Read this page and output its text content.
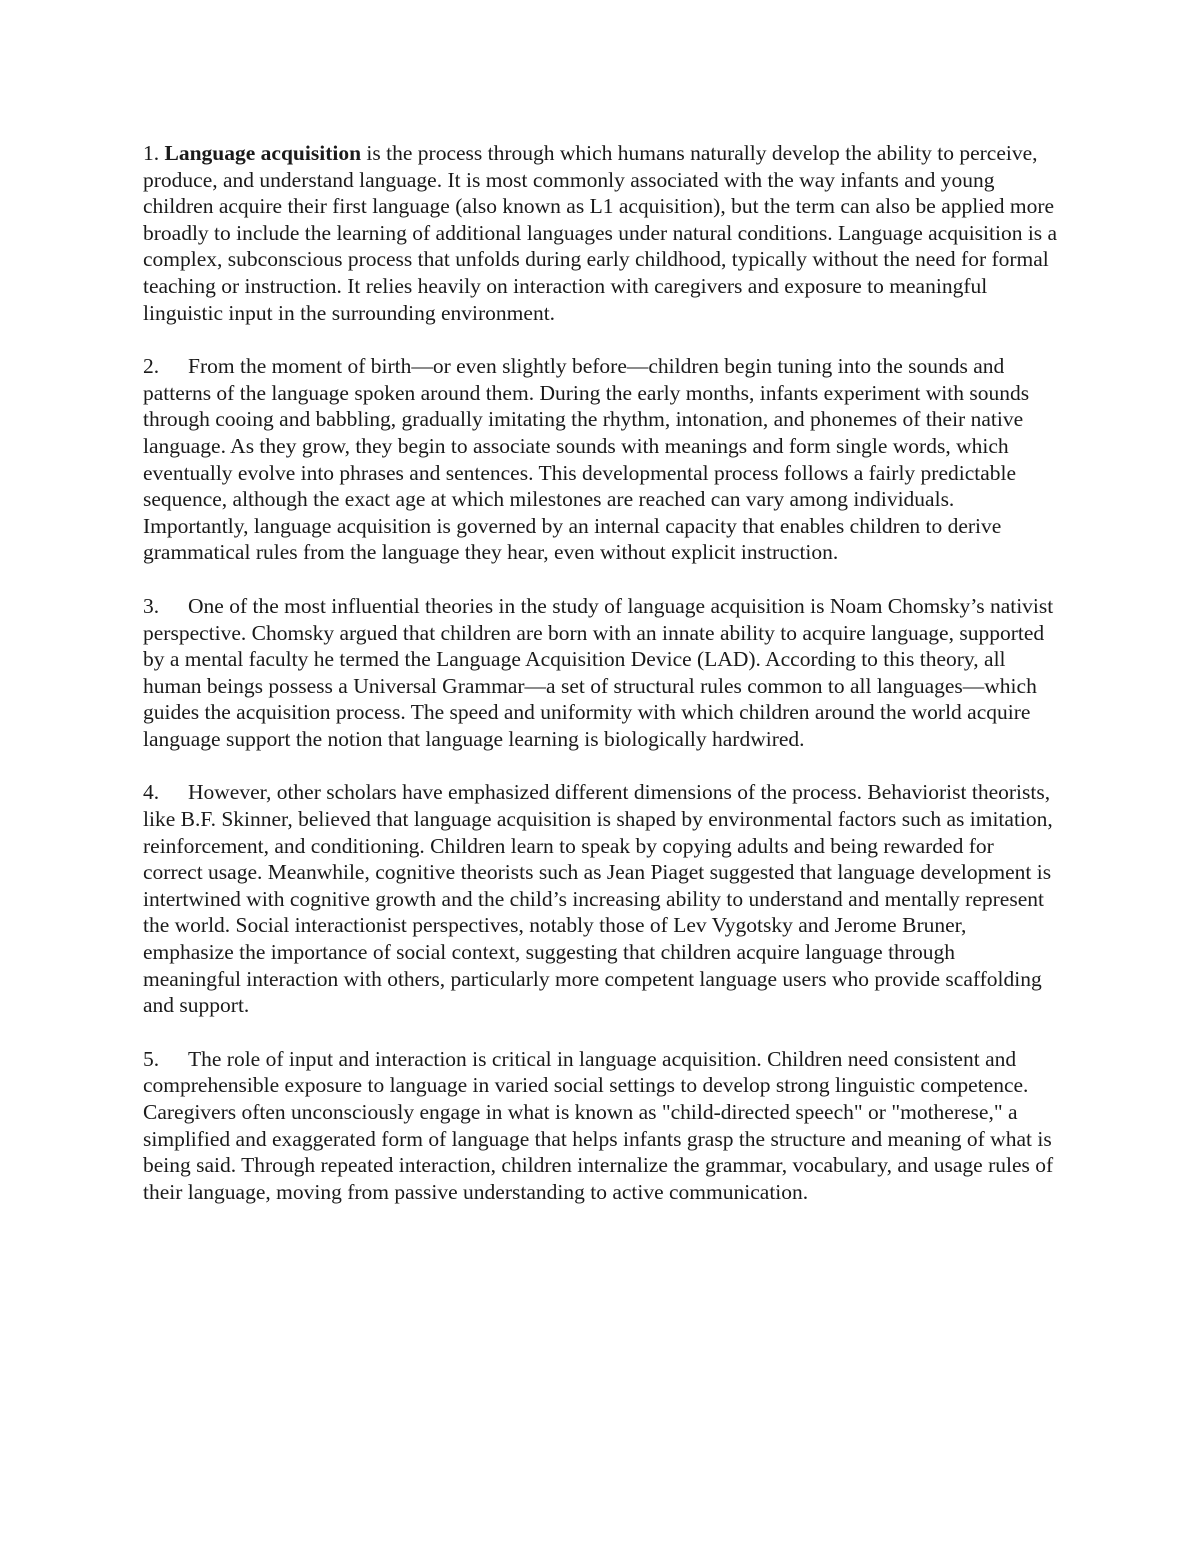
1. Language acquisition is the process through which humans naturally develop the ability to perceive, produce, and understand language. It is most commonly associated with the way infants and young children acquire their first language (also known as L1 acquisition), but the term can also be applied more broadly to include the learning of additional languages under natural conditions. Language acquisition is a complex, subconscious process that unfolds during early childhood, typically without the need for formal teaching or instruction. It relies heavily on interaction with caregivers and exposure to meaningful linguistic input in the surrounding environment.

2. From the moment of birth—or even slightly before—children begin tuning into the sounds and patterns of the language spoken around them. During the early months, infants experiment with sounds through cooing and babbling, gradually imitating the rhythm, intonation, and phonemes of their native language. As they grow, they begin to associate sounds with meanings and form single words, which eventually evolve into phrases and sentences. This developmental process follows a fairly predictable sequence, although the exact age at which milestones are reached can vary among individuals. Importantly, language acquisition is governed by an internal capacity that enables children to derive grammatical rules from the language they hear, even without explicit instruction.

3. One of the most influential theories in the study of language acquisition is Noam Chomsky’s nativist perspective. Chomsky argued that children are born with an innate ability to acquire language, supported by a mental faculty he termed the Language Acquisition Device (LAD). According to this theory, all human beings possess a Universal Grammar—a set of structural rules common to all languages—which guides the acquisition process. The speed and uniformity with which children around the world acquire language support the notion that language learning is biologically hardwired.

4. However, other scholars have emphasized different dimensions of the process. Behaviorist theorists, like B.F. Skinner, believed that language acquisition is shaped by environmental factors such as imitation, reinforcement, and conditioning. Children learn to speak by copying adults and being rewarded for correct usage. Meanwhile, cognitive theorists such as Jean Piaget suggested that language development is intertwined with cognitive growth and the child’s increasing ability to understand and mentally represent the world. Social interactionist perspectives, notably those of Lev Vygotsky and Jerome Bruner, emphasize the importance of social context, suggesting that children acquire language through meaningful interaction with others, particularly more competent language users who provide scaffolding and support.

5. The role of input and interaction is critical in language acquisition. Children need consistent and comprehensible exposure to language in varied social settings to develop strong linguistic competence. Caregivers often unconsciously engage in what is known as "child-directed speech" or "motherese," a simplified and exaggerated form of language that helps infants grasp the structure and meaning of what is being said. Through repeated interaction, children internalize the grammar, vocabulary, and usage rules of their language, moving from passive understanding to active communication.
